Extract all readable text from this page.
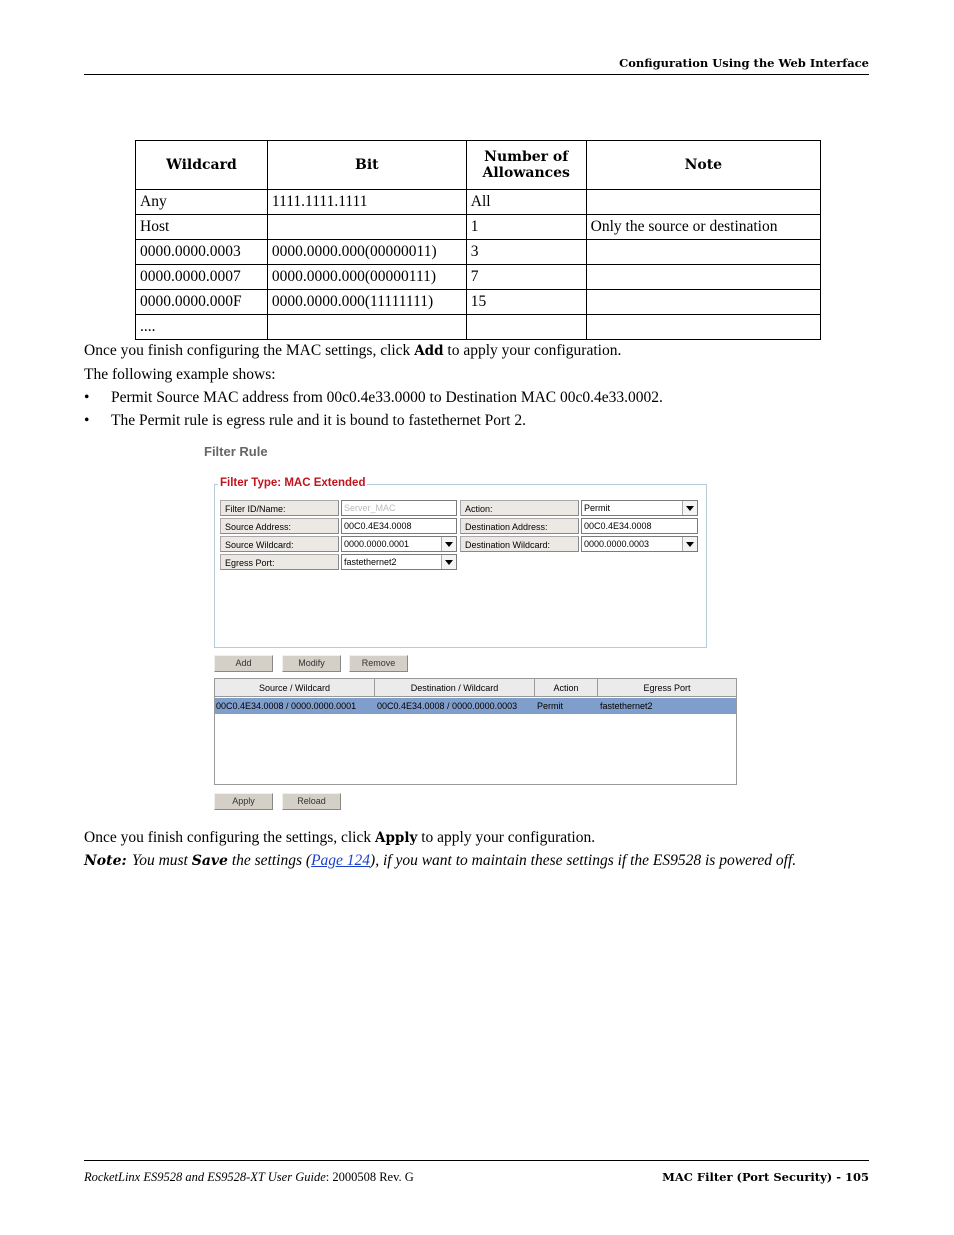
Configuration Using the Web Interface
Wildcard	Bit	Number of Allowances	Note
Any	1111.1111.1111	All	
Host		1	Only the source or destination
0000.0000.0003	0000.0000.000(00000011)	3	
0000.0000.0007	0000.0000.000(00000111)	7	
0000.0000.000F	0000.0000.000(11111111)	15	
....			
Once you finish configuring the MAC settings, click Add to apply your configuration.
The following example shows:
• Permit Source MAC address from 00c0.4e33.0000 to Destination MAC 00c0.4e33.0002.
• The Permit rule is egress rule and it is bound to fastethernet Port 2.
Filter Rule
Filter Type: MAC Extended
Filter ID/Name:	Server_MAC	Action:	Permit
Source Address:	00C0.4E34.0008	Destination Address:	00C0.4E34.0008
Source Wildcard:	0000.0000.0001	Destination Wildcard:	0000.0000.0003
Egress Port:	fastethernet2
Add	Modify	Remove
Source / Wildcard	Destination / Wildcard	Action	Egress Port
00C0.4E34.0008 / 0000.0000.0001 00C0.4E34.0008 / 0000.0000.0003 Permit	fastethernet2
Apply	Reload
Once you finish configuring the settings, click Apply to apply your configuration.
Note: You must Save the settings (Page 124), if you want to maintain these settings if the ES9528 is powered off.
RocketLinx ES9528 and ES9528-XT User Guide: 2000508 Rev. G	MAC Filter (Port Security) - 105
